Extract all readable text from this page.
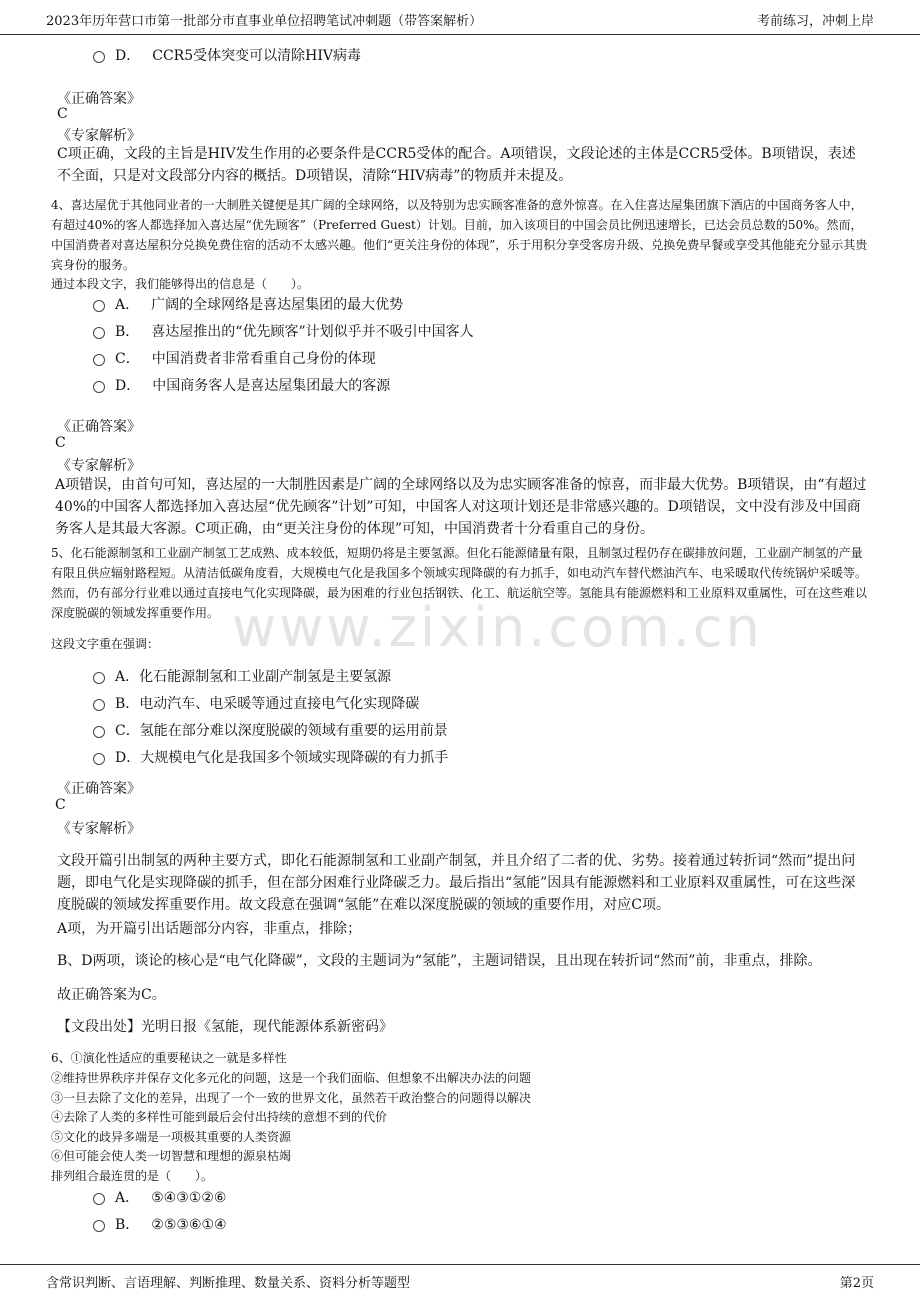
2023年历年营口市第一批部分市直事业单位招聘笔试冲刺题（带答案解析）	考前练习，冲刺上岸
www.zixin.com.cn
D． CCR5受体突变可以清除HIV病毒
《正确答案》
C
《专家解析》
C项正确，文段的主旨是HIV发生作用的必要条件是CCR5受体的配合。A项错误，文段论述的主体是CCR5受体。B项错误，表述不全面，只是对文段部分内容的概括。D项错误，清除“HIV病毒”的物质并未提及。
4、喜达屋优于其他同业者的一大制胜关键便是其广阔的全球网络，以及特别为忠实顾客准备的意外惊喜。在入住喜达屋集团旗下酒店的中国商务客人中，有超过40%的客人都选择加入喜达屋“优先顾客”（Preferred Guest）计划。目前，加入该项目的中国会员比例迅速增长，已达会员总数的50%。然而，中国消费者对喜达屋积分兑换免费住宿的活动不太感兴趣。他们“更关注身份的体现”，乐于用积分享受客房升级、兑换免费早餐或享受其他能充分显示其贵宾身份的服务。
通过本段文字，我们能够得出的信息是（　　）。
A． 广阔的全球网络是喜达屋集团的最大优势
B． 喜达屋推出的“优先顾客”计划似乎并不吸引中国客人
C． 中国消费者非常看重自己身份的体现
D． 中国商务客人是喜达屋集团最大的客源
《正确答案》
C
《专家解析》
A项错误，由首句可知，喜达屋的一大制胜因素是广阔的全球网络以及为忠实顾客准备的惊喜，而非最大优势。B项错误，由“有超过40%的中国客人都选择加入喜达屋“优先顾客”计划”可知，中国客人对这项计划还是非常感兴趣的。D项错误，文中没有涉及中国商务客人是其最大客源。C项正确，由“更关注身份的体现”可知，中国消费者十分看重自己的身份。
5、化石能源制氢和工业副产制氢工艺成熟、成本较低，短期仍将是主要氢源。但化石能源储量有限，且制氢过程仍存在碳排放问题，工业副产制氢的产量有限且供应辐射路程短。从清洁低碳角度看，大规模电气化是我国多个领域实现降碳的有力抓手，如电动汽车替代燃油汽车、电采暖取代传统锅炉采暖等。然而，仍有部分行业难以通过直接电气化实现降碳，最为困难的行业包括钢铁、化工、航运航空等。氢能具有能源燃料和工业原料双重属性，可在这些难以深度脱碳的领域发挥重要作用。
这段文字重在强调：
A．化石能源制氢和工业副产制氢是主要氢源
B．电动汽车、电采暖等通过直接电气化实现降碳
C．氢能在部分难以深度脱碳的领域有重要的运用前景
D．大规模电气化是我国多个领域实现降碳的有力抓手
《正确答案》
C
《专家解析》
文段开篇引出制氢的两种主要方式，即化石能源制氢和工业副产制氢，并且介绍了二者的优、劣势。接着通过转折词“然而”提出问题，即电气化是实现降碳的抓手，但在部分困难行业降碳乏力。最后指出“氢能”因具有能源燃料和工业原料双重属性，可在这些深度脱碳的领域发挥重要作用。故文段意在强调“氢能”在难以深度脱碳的领域的重要作用，对应C项。
A项，为开篇引出话题部分内容，非重点，排除；
B、D两项，谈论的核心是“电气化降碳”，文段的主题词为“氢能”，主题词错误，且出现在转折词“然而”前，非重点，排除。
故正确答案为C。
【文段出处】光明日报《氢能，现代能源体系新密码》
6、①演化性适应的重要秘诀之一就是多样性
②维持世界秩序并保存文化多元化的问题，这是一个我们面临、但想象不出解决办法的问题
③一旦去除了文化的差异，出现了一个一致的世界文化，虽然若干政治整合的问题得以解决
④去除了人类的多样性可能到最后会付出持续的意想不到的代价
⑤文化的歧异多端是一项极其重要的人类资源
⑥但可能会使人类一切智慧和理想的源泉枯竭
排列组合最连贯的是（　　）。
A． ⑤④③①②⑥
B． ②⑤③⑥①④
含常识判断、言语理解、判断推理、数量关系、资料分析等题型	第2页
